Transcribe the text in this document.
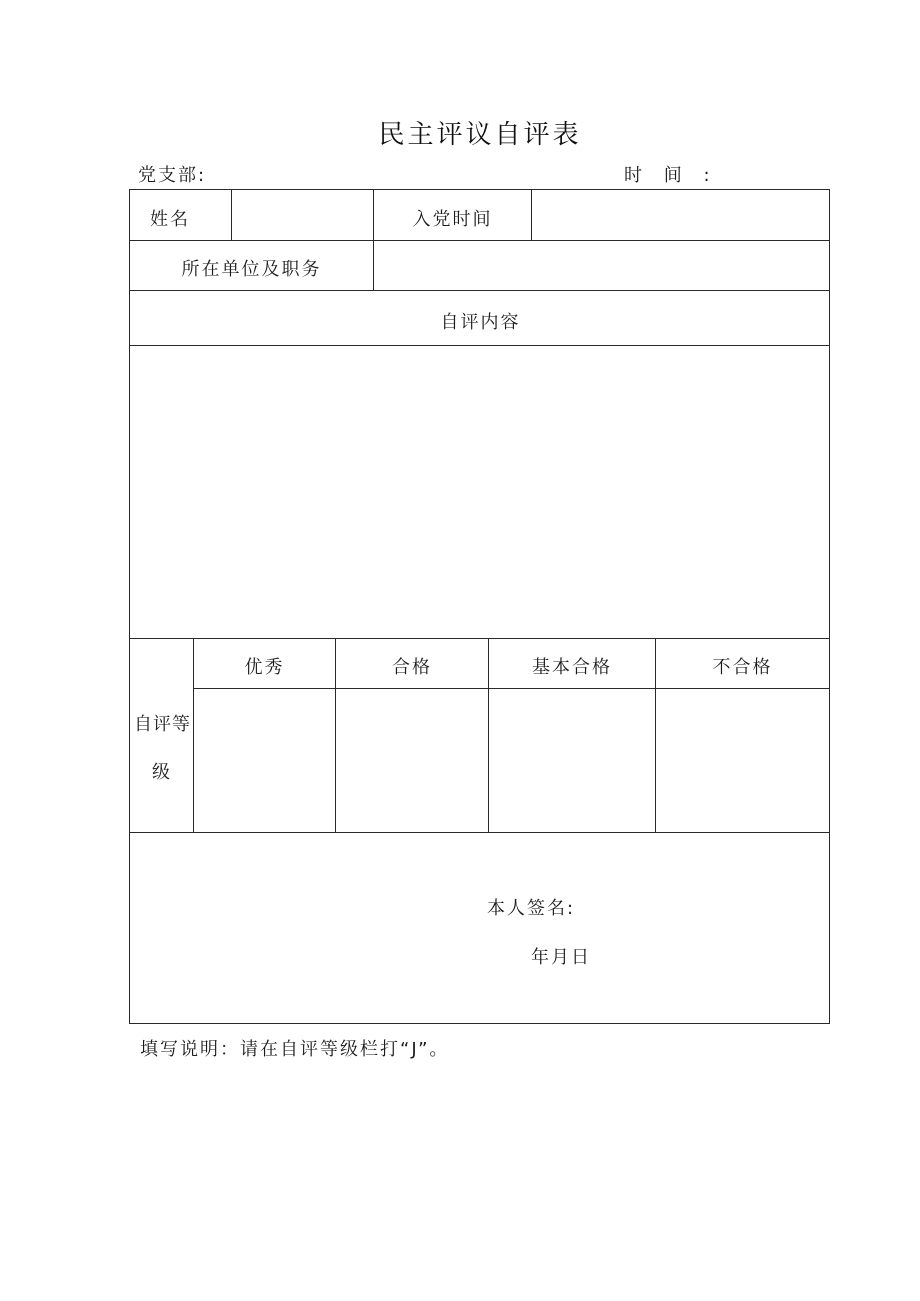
民主评议自评表
党支部:	时 间 :
姓名	入党时间
所在单位及职务
自评内容
自评等
级
优秀	合格	基本合格	不合格
本人签名:
年月日
填写说明：请在自评等级栏打“J”。
